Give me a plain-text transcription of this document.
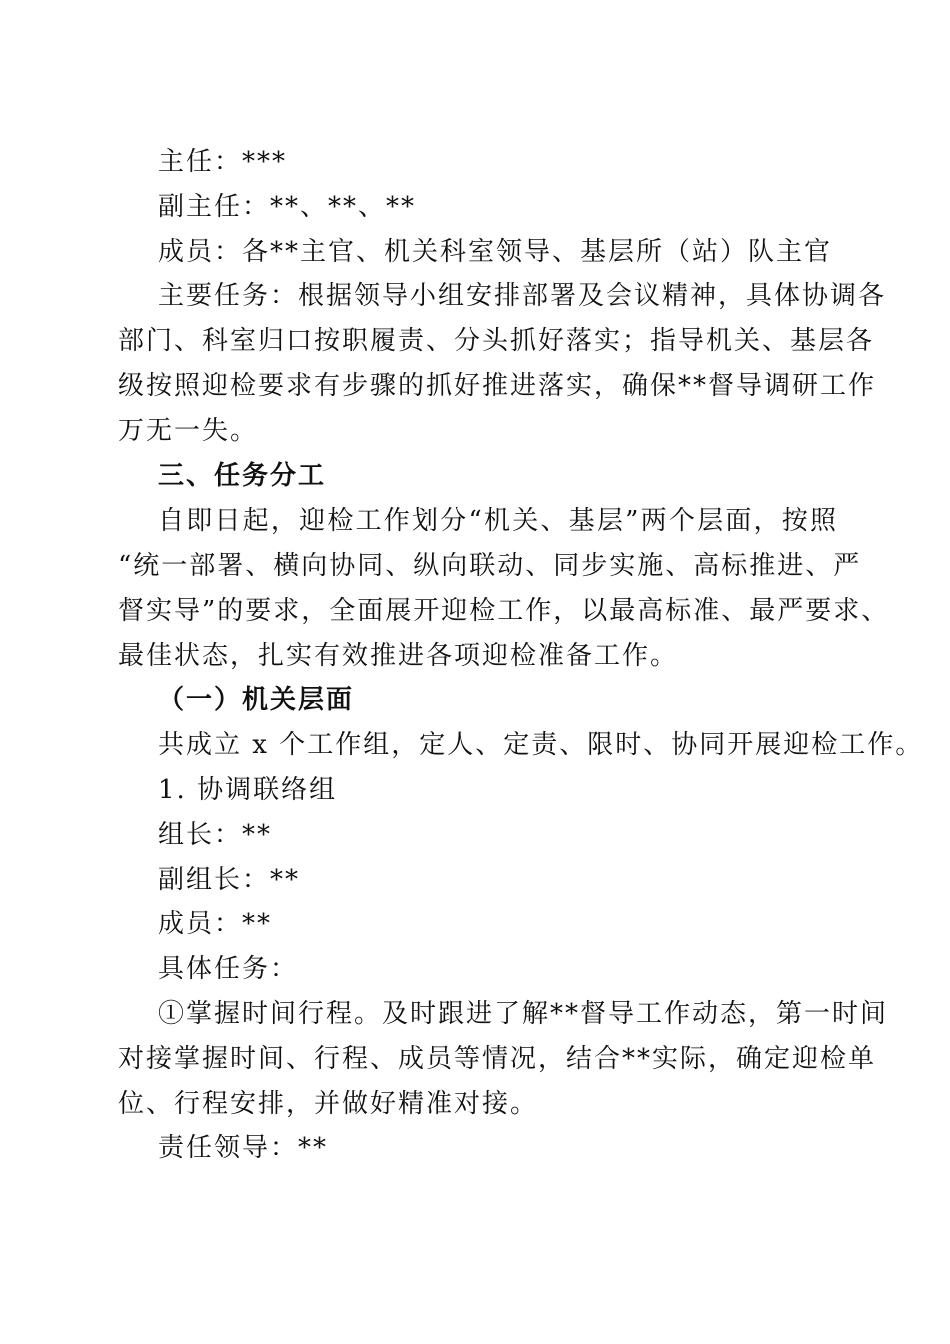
主任：***
副主任：**、**、**
成员：各**主官、机关科室领导、基层所（站）队主官
主要任务：根据领导小组安排部署及会议精神，具体协调各
部门、科室归口按职履责、分头抓好落实；指导机关、基层各
级按照迎检要求有步骤的抓好推进落实，确保**督导调研工作
万无一失。
三、任务分工
自即日起，迎检工作划分“机关、基层”两个层面，按照
“统一部署、横向协同、纵向联动、同步实施、高标推进、严
督实导”的要求，全面展开迎检工作，以最高标准、最严要求、
最佳状态，扎实有效推进各项迎检准备工作。
（一）机关层面
共成立 x 个工作组，定人、定责、限时、协同开展迎检工作。
1. 协调联络组
组长：**
副组长：**
成员：**
具体任务：
①掌握时间行程。及时跟进了解**督导工作动态，第一时间
对接掌握时间、行程、成员等情况，结合**实际，确定迎检单
位、行程安排，并做好精准对接。
责任领导：**
